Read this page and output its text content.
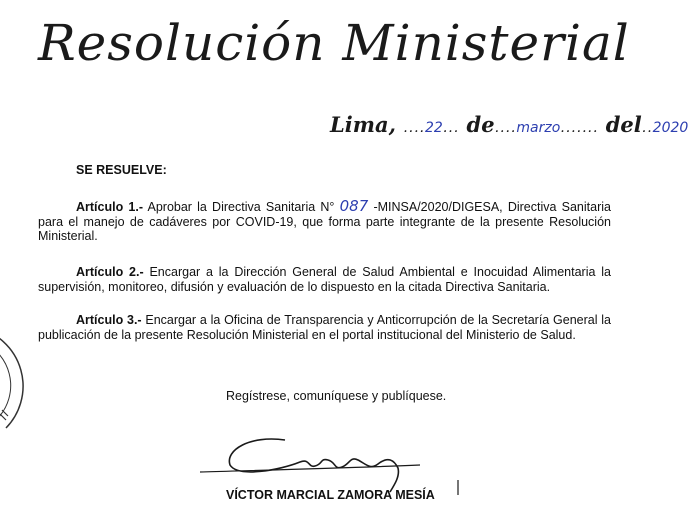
Resolución Ministerial
Lima, ....22... de....marzo....... del..2020
SE RESUELVE:
Artículo 1.- Aprobar la Directiva Sanitaria N° 087 -MINSA/2020/DIGESA, Directiva Sanitaria para el manejo de cadáveres por COVID-19, que forma parte integrante de la presente Resolución Ministerial.
Artículo 2.- Encargar a la Dirección General de Salud Ambiental e Inocuidad Alimentaria la supervisión, monitoreo, difusión y evaluación de lo dispuesto en la citada Directiva Sanitaria.
Artículo 3.- Encargar a la Oficina de Transparencia y Anticorrupción de la Secretaría General la publicación de la presente Resolución Ministerial en el portal institucional del Ministerio de Salud.
Regístrese, comuníquese y publíquese.
VÍCTOR MARCIAL ZAMORA MESÍA
